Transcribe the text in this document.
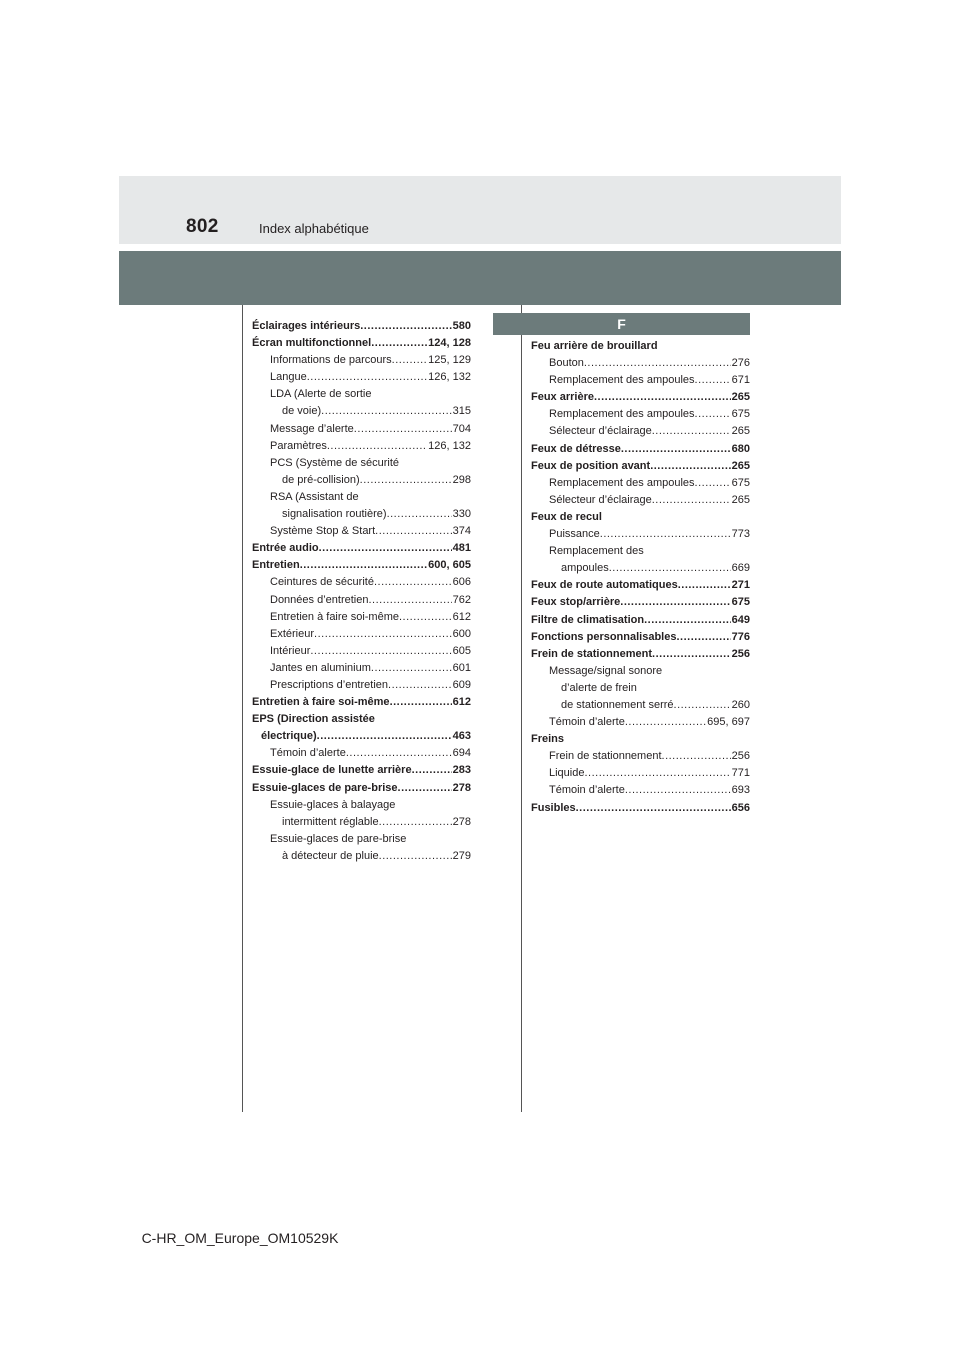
802	Index alphabétique
F
Éclairages intérieurs .....	580
Écran multifonctionnel .....	124, 128
Informations de parcours .....	125, 129
Langue .....	126, 132
LDA (Alerte de sortie
de voie) .....	315
Message d’alerte .....	704
Paramètres .....	126, 132
PCS (Système de sécurité
de pré-collision) .....	298
RSA (Assistant de
signalisation routière) .....	330
Système Stop & Start .....	374
Entrée audio .....	481
Entretien .....	600, 605
Ceintures de sécurité .....	606
Données d’entretien .....	762
Entretien à faire soi-même .....	612
Extérieur .....	600
Intérieur .....	605
Jantes en aluminium .....	601
Prescriptions d’entretien .....	609
Entretien à faire soi-même .....	612
EPS (Direction assistée
électrique) .....	463
Témoin d’alerte .....	694
Essuie-glace de lunette arrière .....	283
Essuie-glaces de pare-brise .....	278
Essuie-glaces à balayage
intermittent réglable .....	278
Essuie-glaces de pare-brise
à détecteur de pluie .....	279
Feu arrière de brouillard
Bouton .....	276
Remplacement des ampoules .....	671
Feux arrière .....	265
Remplacement des ampoules .....	675
Sélecteur d’éclairage .....	265
Feux de détresse .....	680
Feux de position avant .....	265
Remplacement des ampoules .....	675
Sélecteur d’éclairage .....	265
Feux de recul
Puissance .....	773
Remplacement des
ampoules .....	669
Feux de route automatiques .....	271
Feux stop/arrière .....	675
Filtre de climatisation .....	649
Fonctions personnalisables .....	776
Frein de stationnement .....	256
Message/signal sonore
d’alerte de frein
de stationnement serré .....	260
Témoin d’alerte .....	695, 697
Freins
Frein de stationnement .....	256
Liquide .....	771
Témoin d’alerte .....	693
Fusibles .....	656
C-HR_OM_Europe_OM10529K
